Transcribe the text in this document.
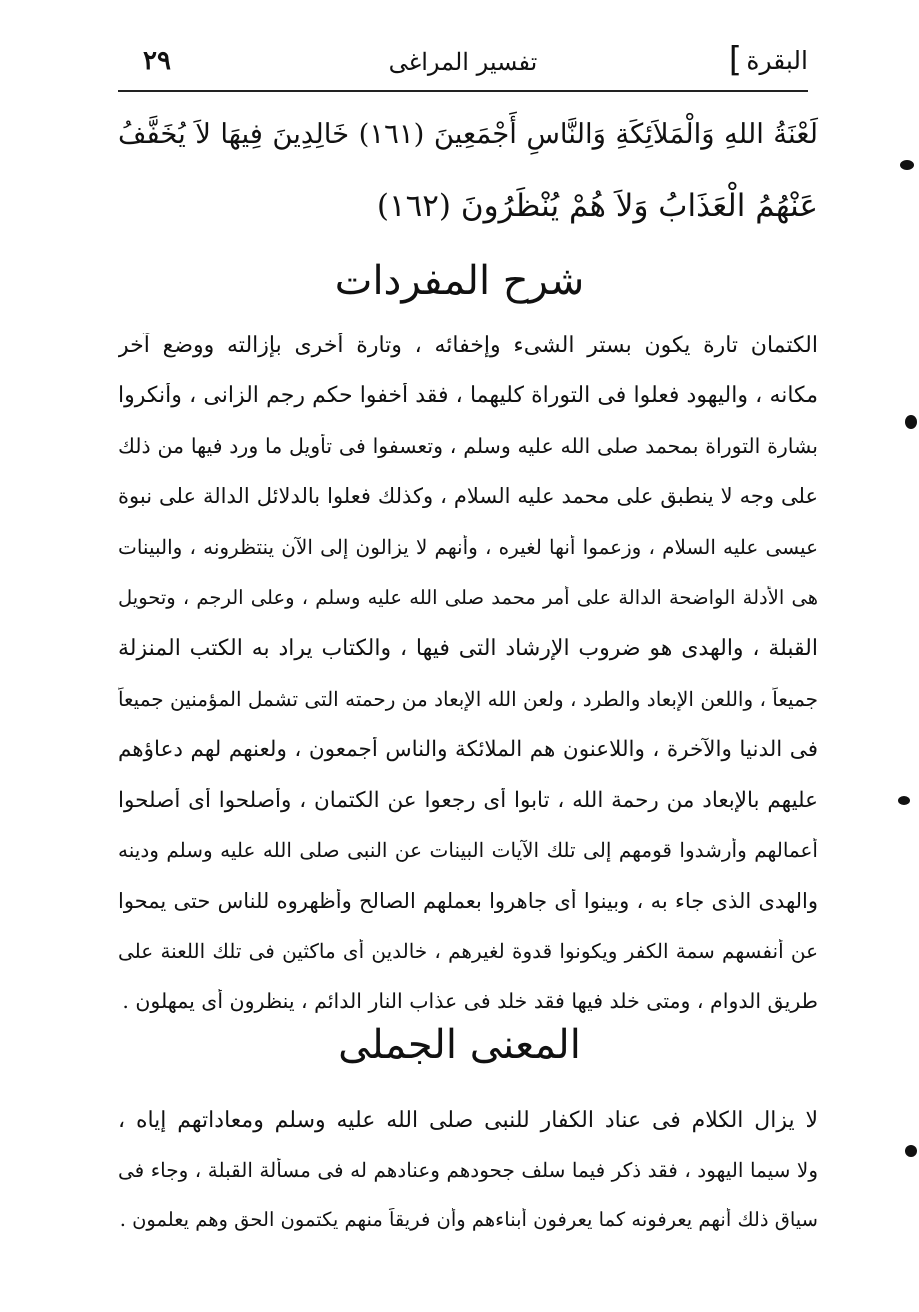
البقرة
]
تفسير المراغى
٢٩
لَعْنَةُ اللهِ وَالْمَلاَئِكَةِ وَالنَّاسِ أَجْمَعِينَ (١٦١) خَالِدِينَ فِيهَا لاَ يُخَفَّفُ
عَنْهُمُ الْعَذَابُ وَلاَ هُمْ يُنْظَرُونَ (١٦٢)
شرح المفردات
الكتمان تارة يكون بستر الشىء وإخفائه ، وتارة أخرى بإزالته ووضع آخر
مكانه ، واليهود فعلوا فى التوراة كليهما ، فقد أخفوا حكم رجم الزانى ، وأنكروا
بشارة التوراة بمحمد صلى الله عليه وسلم ، وتعسفوا فى تأويل ما ورد فيها من ذلك
على وجه لا ينطبق على محمد عليه السلام ، وكذلك فعلوا بالدلائل الدالة على نبوة
عيسى عليه السلام ، وزعموا أنها لغيره ، وأنهم لا يزالون إلى الآن ينتظرونه ، والبينات
هى الأدلة الواضحة الدالة على أمر محمد صلى الله عليه وسلم ، وعلى الرجم ، وتحويل
القبلة ، والهدى هو ضروب الإرشاد التى فيها ، والكتاب يراد به الكتب المنزلة
جميعاً ، واللعن الإبعاد والطرد ، ولعن الله الإبعاد من رحمته التى تشمل المؤمنين جميعاً
فى الدنيا والآخرة ، واللاعنون هم الملائكة والناس أجمعون ، ولعنهم لهم دعاؤهم
عليهم بالإبعاد من رحمة الله ، تابوا أى رجعوا عن الكتمان ، وأصلحوا أى أصلحوا
أعمالهم وأرشدوا قومهم إلى تلك الآيات البينات عن النبى صلى الله عليه وسلم ودينه
والهدى الذى جاء به ، وبينوا أى جاهروا بعملهم الصالح وأظهروه للناس حتى يمحوا
عن أنفسهم سمة الكفر ويكونوا قدوة لغيرهم ، خالدين أى ماكثين فى تلك اللعنة على
طريق الدوام ، ومتى خلد فيها فقد خلد فى عذاب النار الدائم ، ينظرون أى يمهلون .
المعنى الجملى
لا يزال الكلام فى عناد الكفار للنبى صلى الله عليه وسلم ومعاداتهم إياه ،
ولا سيما اليهود ، فقد ذكر فيما سلف جحودهم وعنادهم له فى مسألة القبلة ، وجاء فى
سياق ذلك أنهم يعرفونه كما يعرفون أبناءهم وأن فريقاً منهم يكتمون الحق وهم يعلمون .
